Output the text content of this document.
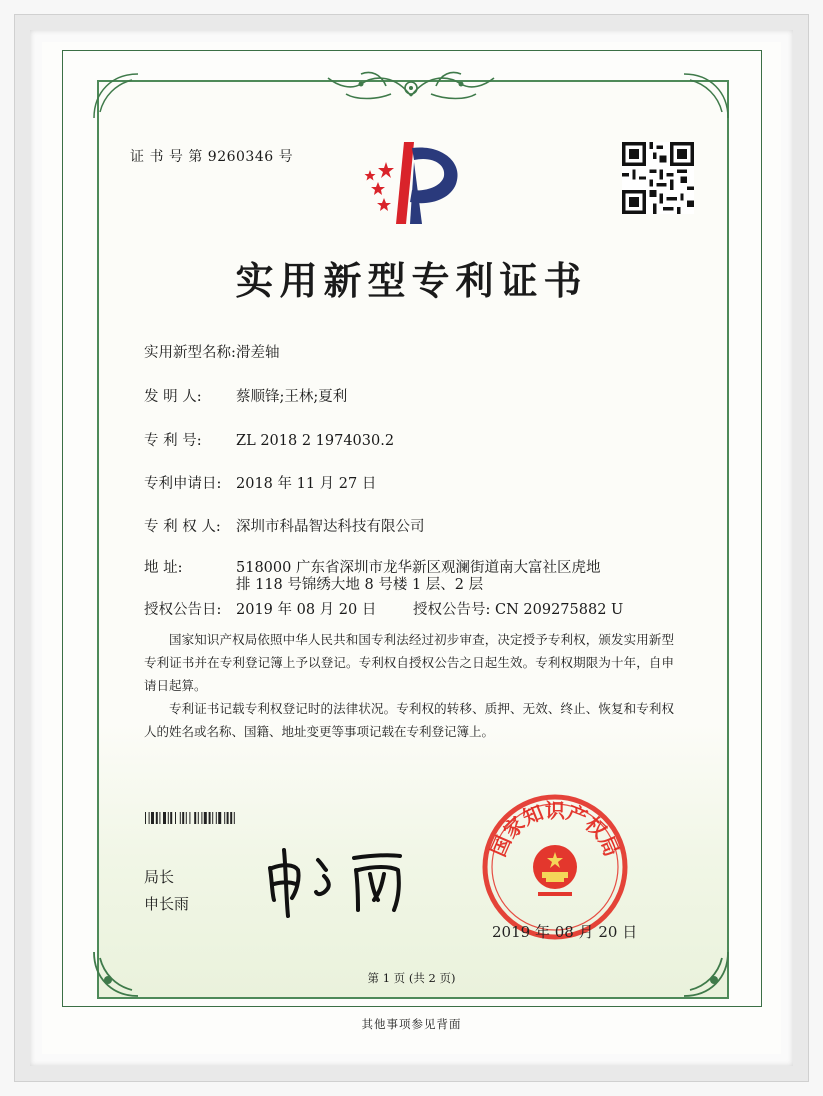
证 书 号 第 9260346 号
实用新型专利证书
实用新型名称:滑差轴
发 明 人: 蔡顺锋;王林;夏利
专 利 号: ZL 2018 2 1974030.2
专利申请日: 2018 年 11 月 27 日
专 利 权 人: 深圳市科晶智达科技有限公司
地 址:	518000 广东省深圳市龙华新区观澜街道南大富社区虎地
排 118 号锦绣大地 8 号楼 1 层、2 层
授权公告日: 2019 年 08 月 20 日	授权公告号: CN 209275882 U
国家知识产权局依照中华人民共和国专利法经过初步审查，决定授予专利权，颁发实用新型专利证书并在专利登记簿上予以登记。专利权自授权公告之日起生效。专利权期限为十年，自申请日起算。
专利证书记载专利权登记时的法律状况。专利权的转移、质押、无效、终止、恢复和专利权人的姓名或名称、国籍、地址变更等事项记载在专利登记簿上。
局长
申长雨
国家知识产权局
2019 年 08 月 20 日
第 1 页 (共 2 页)
其他事项参见背面
